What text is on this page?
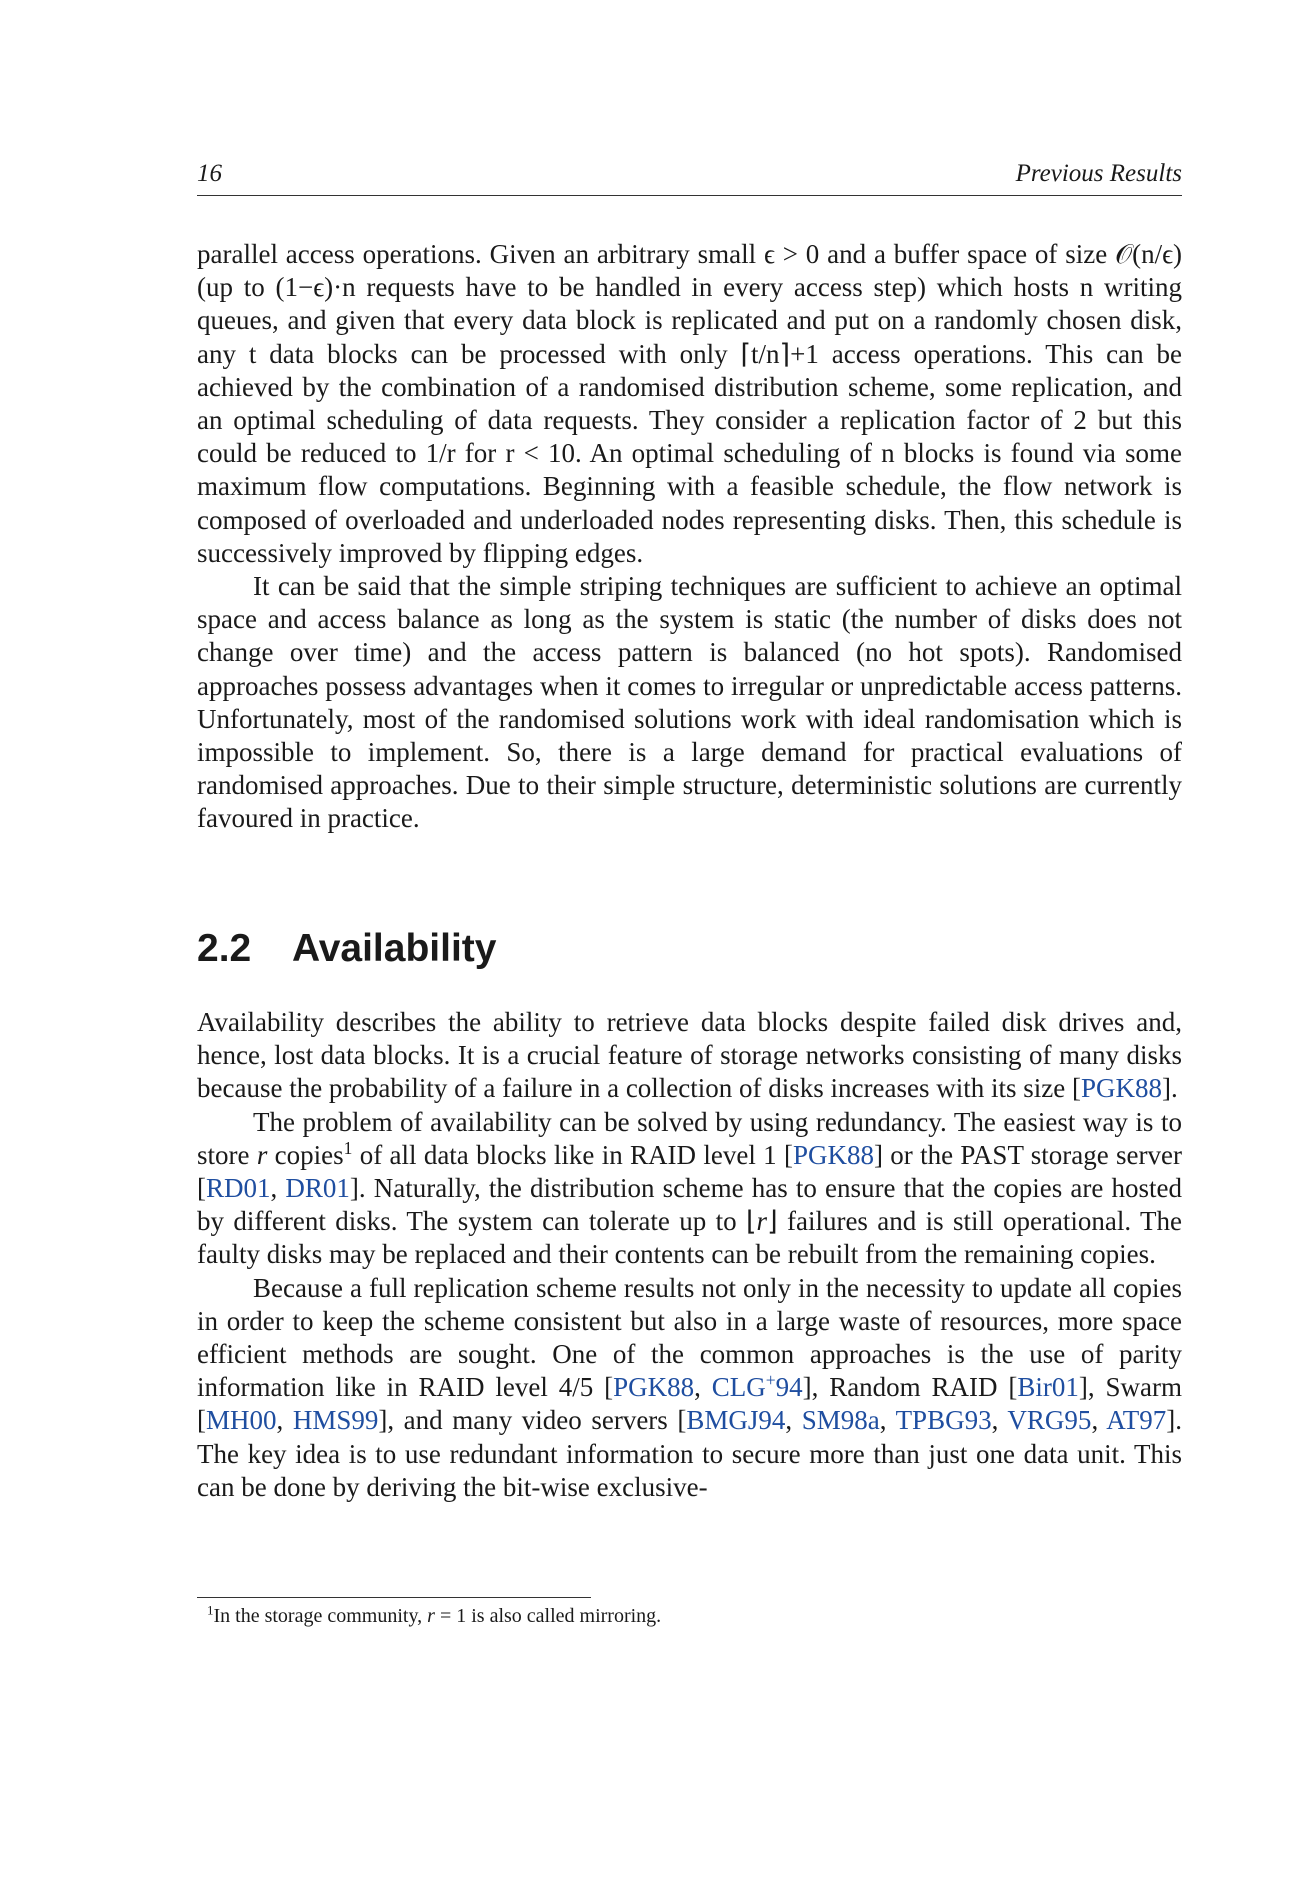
16	Previous Results

parallel access operations. Given an arbitrary small ϵ > 0 and a buffer space of size 𝒪(n/ϵ) (up to (1−ϵ)·n requests have to be handled in every access step) which hosts n writing queues, and given that every data block is replicated and put on a randomly chosen disk, any t data blocks can be processed with only ⌈t/n⌉+1 access operations. This can be achieved by the combination of a randomised distribution scheme, some replication, and an optimal scheduling of data requests. They consider a replication factor of 2 but this could be reduced to 1/r for r < 10. An optimal scheduling of n blocks is found via some maximum flow computations. Beginning with a feasible schedule, the flow network is composed of overloaded and underloaded nodes representing disks. Then, this schedule is successively improved by flipping edges.

It can be said that the simple striping techniques are sufficient to achieve an optimal space and access balance as long as the system is static (the number of disks does not change over time) and the access pattern is balanced (no hot spots). Randomised approaches possess advantages when it comes to irregular or unpredictable access patterns. Unfortunately, most of the randomised solutions work with ideal randomisation which is impossible to implement. So, there is a large demand for practical evaluations of randomised approaches. Due to their simple structure, deterministic solutions are currently favoured in practice.

2.2 Availability

Availability describes the ability to retrieve data blocks despite failed disk drives and, hence, lost data blocks. It is a crucial feature of storage networks consisting of many disks because the probability of a failure in a collection of disks increases with its size [PGK88].

The problem of availability can be solved by using redundancy. The easiest way is to store r copies$^1$ of all data blocks like in RAID level 1 [PGK88] or the PAST storage server [RD01, DR01]. Naturally, the distribution scheme has to ensure that the copies are hosted by different disks. The system can tolerate up to ⌊r⌋ failures and is still operational. The faulty disks may be replaced and their contents can be rebuilt from the remaining copies.

Because a full replication scheme results not only in the necessity to update all copies in order to keep the scheme consistent but also in a large waste of resources, more space efficient methods are sought. One of the common approaches is the use of parity information like in RAID level 4/5 [PGK88, CLG+94], Random RAID [Bir01], Swarm [MH00, HMS99], and many video servers [BMGJ94, SM98a, TPBG93, VRG95, AT97]. The key idea is to use redundant information to secure more than just one data unit. This can be done by deriving the bit-wise exclusive-

$^1$In the storage community, r = 1 is also called mirroring.
